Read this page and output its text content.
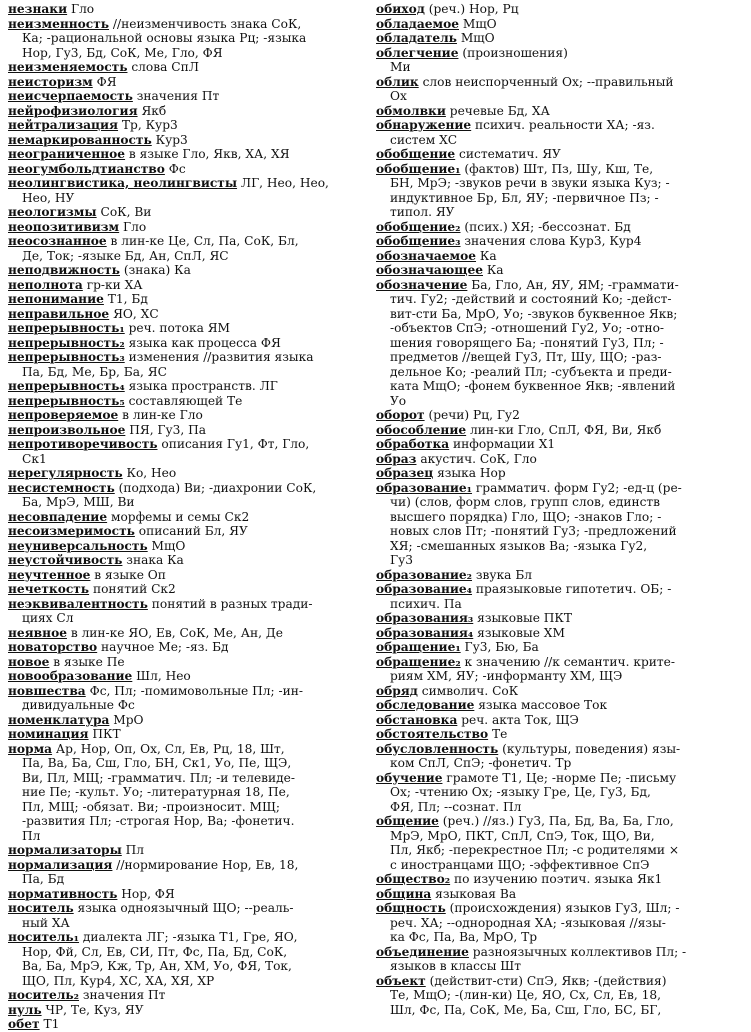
незнаки Гло
неизменность //неизменчивость знака СоК,
Ка; -рациональной основы языка Рц; -языка
Нор, Гу3, Бд, СоК, Ме, Гло, ФЯ
неизменяемость слова СпЛ
неисторизм ФЯ
неисчерпаемость значения Пт
нейрофизиология Якб
нейтрализация Тр, Кур3
немаркированность Кур3
неограниченное в языке Гло, Якв, ХА, ХЯ
неогумбольдтианство Фс
неолингвистика, неолингвисты ЛГ, Нео, Нео,
Нео, НУ
неологизмы СоК, Ви
неопозитивизм Гло
неосознанное в лин-ке Це, Сл, Па, СоК, Бл,
Де, Ток; -языке Бд, Ан, СпЛ, ЯС
неподвижность (знака) Ка
неполнота гр-ки ХА
непонимание Т1, Бд
неправильное ЯО, ХС
непрерывность₁ реч. потока ЯМ
непрерывность₂ языка как процесса ФЯ
непрерывность₃ изменения //развития языка
Па, Бд, Ме, Бр, Ба, ЯС
непрерывность₄ языка пространств. ЛГ
непрерывность₅ составляющей Те
непроверяемое в лин-ке Гло
непроизвольное ПЯ, Гу3, Па
непротиворечивость описания Гу1, Фт, Гло,
Ск1
нерегулярность Ко, Нео
несистемность (подхода) Ви; -диахронии СоК,
Ба, МрЭ, МШ, Ви
несовпадение морфемы и семы Ск2
несоизмеримость описаний Бл, ЯУ
неуниверсальность МщО
неустойчивость знака Ка
неучтенное в языке Оп
нечеткость понятий Ск2
неэквивалентность понятий в разных тради-
циях Сл
неявное в лин-ке ЯО, Ев, СоК, Ме, Ан, Де
новаторство научное Ме; -яз. Бд
новое в языке Пе
новообразование Шл, Нео
новшества Фс, Пл; -помимовольные Пл; -ин-
дивидуальные Фс
номенклатура МрО
номинация ПКТ
норма Ар, Нор, Оп, Ох, Сл, Ев, Рц, 18, Шт,
Па, Ва, Ба, Сш, Гло, БН, Ск1, Уо, Пе, ЩЭ,
Ви, Пл, МЩ; -грамматич. Пл; -и телевиде-
ние Пе; -культ. Уо; -литературная 18, Пе,
Пл, МЩ; -обязат. Ви; -произносит. МЩ;
-развития Пл; -строгая Нор, Ва; -фонетич.
Пл
нормализаторы Пл
нормализация //нормирование Нор, Ев, 18,
Па, Бд
нормативность Нор, ФЯ
носитель языка одноязычный ЩО; --реаль-
ный ХА
носитель₁ диалекта ЛГ; -языка Т1, Гре, ЯО,
Нор, Фй, Сл, Ев, СИ, Пт, Фс, Па, Бд, СоК,
Ва, Ба, МрЭ, Кж, Тр, Ан, ХМ, Уо, ФЯ, Ток,
ЩО, Пл, Кур4, ХС, ХА, ХЯ, ХР
носитель₂ значения Пт
нуль ЧР, Те, Куз, ЯУ
обет Т1
обиход (реч.) Нор, Рц
обладаемое МщО
обладатель МщО
облегчение (произношения)
Ми
облик слов неиспорченный Ох; --правильный
Ох
обмолвки речевые Бд, ХА
обнаружение психич. реальности ХА; -яз.
систем ХС
обобщение систематич. ЯУ
обобщение₁ (фактов) Шт, Пз, Шу, Кш, Те,
БН, МрЭ; -звуков речи в звуки языка Куз; -
индуктивное Бр, Бл, ЯУ; -первичное Пз; -
типол. ЯУ
обобщение₂ (псих.) ХЯ; -бессознат. Бд
обобщение₃ значения слова Кур3, Кур4
обозначаемое Ка
обозначающее Ка
обозначение Ба, Гло, Ан, ЯУ, ЯМ; -граммати-
тич. Гу2; -действий и состояний Ко; -дейст-
вит-сти Ба, МрО, Уо; -звуков буквенное Якв;
-объектов СпЭ; -отношений Гу2, Уо; -отно-
шения говорящего Ба; -понятий Гу3, Пл; -
предметов //вещей Гу3, Пт, Шу, ЩО; -раз-
дельное Ко; -реалий Пл; -субъекта и преди-
ката МщО; -фонем буквенное Якв; -явлений
Уо
оборот (речи) Рц, Гу2
обособление лин-ки Гло, СпЛ, ФЯ, Ви, Якб
обработка информации Х1
образ акустич. СоК, Гло
образец языка Нор
образование₁ грамматич. форм Гу2; -ед-ц (ре-
чи) (слов, форм слов, групп слов, единств
высшего порядка) Гло, ЩО; -знаков Гло; -
новых слов Пт; -понятий Гу3; -предложений
ХЯ; -смешанных языков Ва; -языка Гу2,
Гу3
образование₂ звука Бл
образование₄ праязыковые гипотетич. ОБ; -
психич. Па
образования₃ языковые ПКТ
образования₄ языковые ХМ
обращение₁ Гу3, Бю, Ба
обращение₂ к значению //к семантич. крите-
риям ХМ, ЯУ; -информанту ХМ, ЩЭ
обряд символич. СоК
обследование языка массовое Ток
обстановка реч. акта Ток, ЩЭ
обстоятельство Те
обусловленность (культуры, поведения) язы-
ком СпЛ, СпЭ; -фонетич. Тр
обучение грамоте Т1, Це; -норме Пе; -письму
Ох; -чтению Ох; -языку Гре, Це, Гу3, Бд,
ФЯ, Пл; --сознат. Пл
общение (реч.) //яз.) Гу3, Па, Бд, Ва, Ба, Гло,
МрЭ, МрО, ПКТ, СпЛ, СпЭ, Ток, ЩО, Ви,
Пл, Якб; -перекрестное Пл; -с родителями ×
с иностранцами ЩО; -эффективное СпЭ
общество₂ по изучению поэтич. языка Як1
община языковая Ва
общность (происхождения) языков Гу3, Шл; -
реч. ХА; --однородная ХА; -языковая //язы-
ка Фс, Па, Ва, МрО, Тр
объединение разноязычных коллективов Пл; -
языков в классы Шт
объект (действит-сти) СпЭ, Якв; -(действия)
Те, МщО; -(лин-ки) Це, ЯО, Сх, Сл, Ев, 18,
Шл, Фс, Па, СоК, Ме, Ба, Сш, Гло, БС, БГ,
